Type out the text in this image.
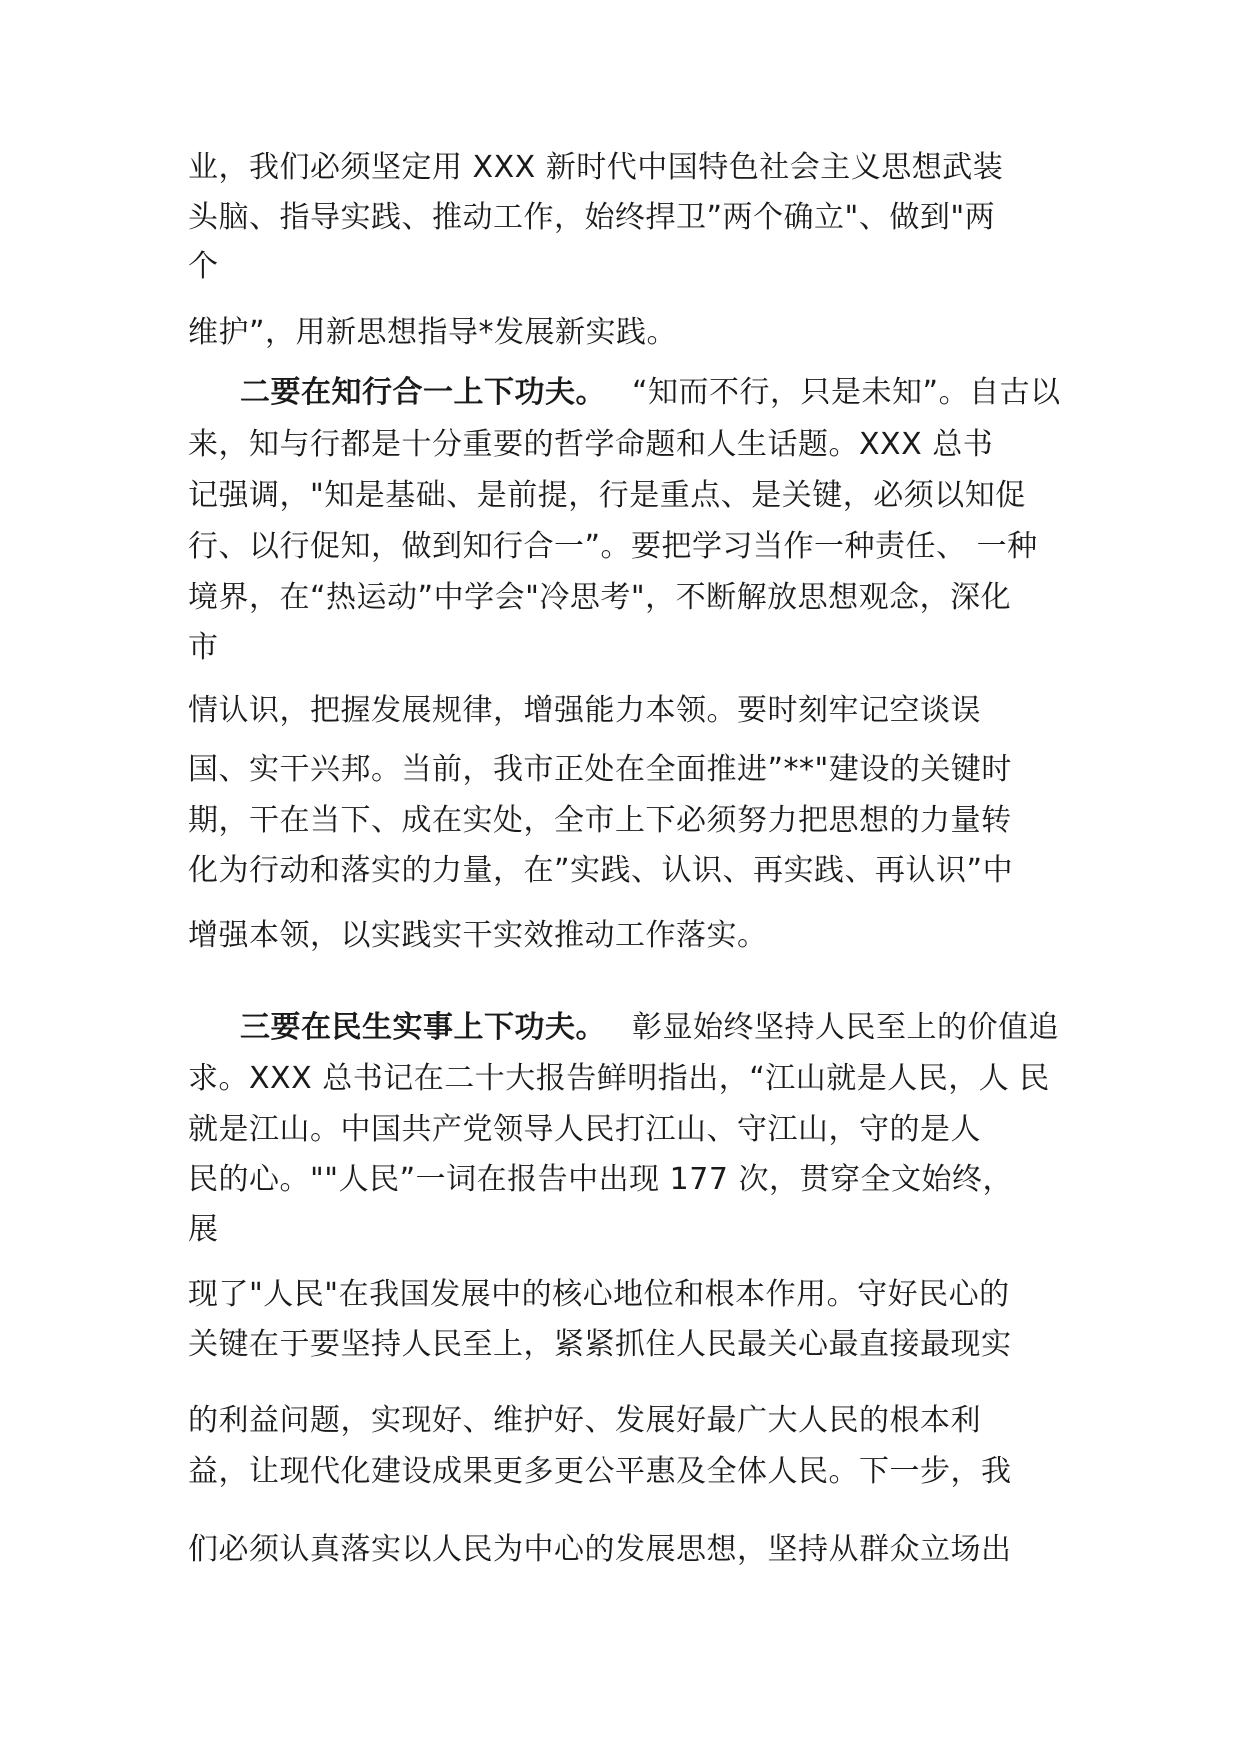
业，我们必须坚定用 XXX 新时代中国特色社会主义思想武装
头脑、指导实践、推动工作，始终捍卫”两个确立"、做到"两
个
维护”，用新思想指导*发展新实践。
二要在知行合一上下功夫。 “知而不行，只是未知”。自古以
来，知与行都是十分重要的哲学命题和人生话题。XXX 总书
记强调，"知是基础、是前提，行是重点、是关键，必须以知促
行、以行促知，做到知行合一”。要把学习当作一种责任、 一种
境界，在“热运动”中学会"冷思考"，不断解放思想观念，深化
市
情认识，把握发展规律，增强能力本领。要时刻牢记空谈误
国、实干兴邦。当前，我市正处在全面推进”**"建设的关键时
期，干在当下、成在实处，全市上下必须努力把思想的力量转
化为行动和落实的力量，在”实践、认识、再实践、再认识”中
增强本领，以实践实干实效推动工作落实。
三要在民生实事上下功夫。 彰显始终坚持人民至上的价值追
求。XXX 总书记在二十大报告鲜明指出，“江山就是人民，人 民
就是江山。中国共产党领导人民打江山、守江山，守的是人
民的心。""人民”一词在报告中出现 177 次，贯穿全文始终，
展
现了"人民"在我国发展中的核心地位和根本作用。守好民心的
关键在于要坚持人民至上，紧紧抓住人民最关心最直接最现实
的利益问题，实现好、维护好、发展好最广大人民的根本利
益，让现代化建设成果更多更公平惠及全体人民。下一步，我
们必须认真落实以人民为中心的发展思想，坚持从群众立场出
